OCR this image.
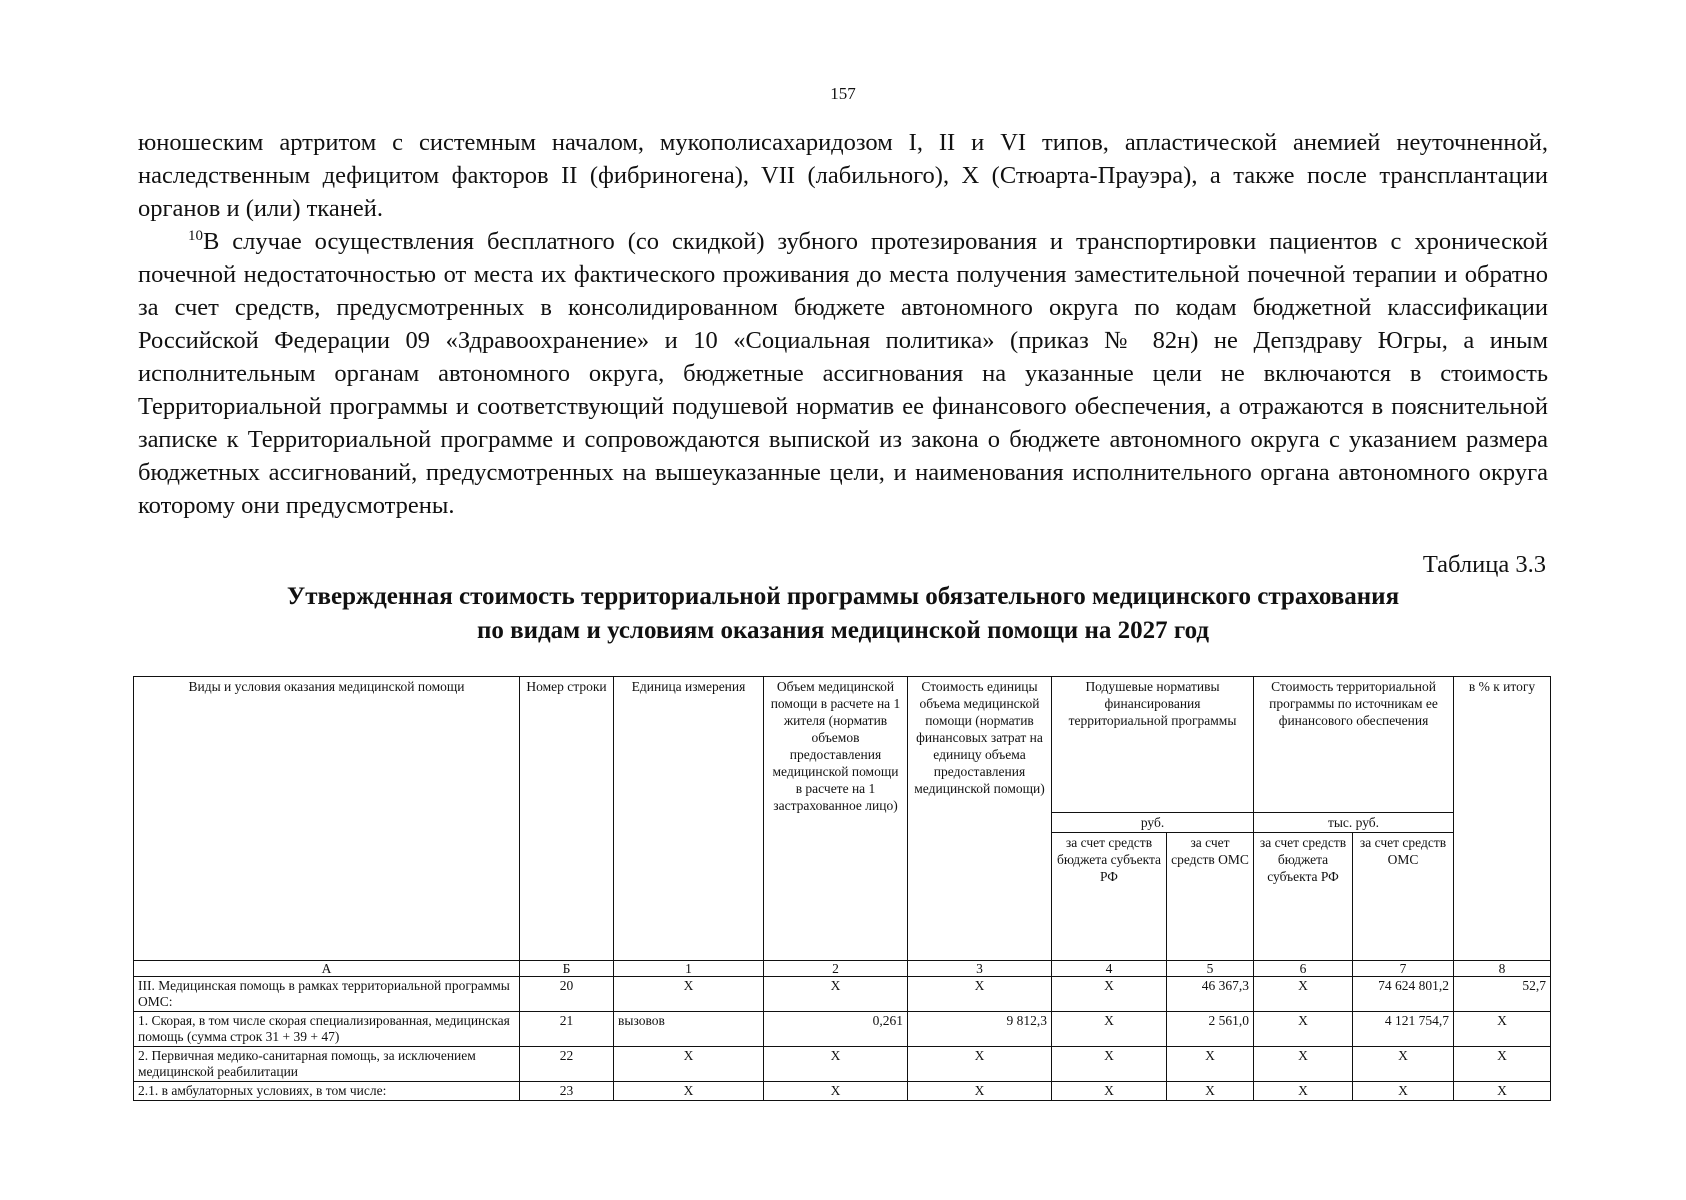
157

юношеским артритом с системным началом, мукополисахаридозом I, II и VI типов, апластической анемией неуточненной, наследственным дефицитом факторов II (фибриногена), VII (лабильного), X (Стюарта-Прауэра), а также после трансплантации органов и (или) тканей.

$^{10}$В случае осуществления бесплатного (со скидкой) зубного протезирования и транспортировки пациентов с хронической почечной недостаточностью от места их фактического проживания до места получения заместительной почечной терапии и обратно за счет средств, предусмотренных в консолидированном бюджете автономного округа по кодам бюджетной классификации Российской Федерации 09 «Здравоохранение» и 10 «Социальная политика» (приказ № 82н) не Депздраву Югры, а иным исполнительным органам автономного округа, бюджетные ассигнования на указанные цели не включаются в стоимость Территориальной программы и соответствующий подушевой норматив ее финансового обеспечения, а отражаются в пояснительной записке к Территориальной программе и сопровождаются выпиской из закона о бюджете автономного округа с указанием размера бюджетных ассигнований, предусмотренных на вышеуказанные цели, и наименования исполнительного органа автономного округа которому они предусмотрены.

Таблица 3.3
Утвержденная стоимость территориальной программы обязательного медицинского страхования
по видам и условиям оказания медицинской помощи на 2027 год
Виды и условия оказания медицинской помощи	Номер строки	Единица измерения	Объем медицинской помощи в расчете на 1 жителя (норматив объемов предоставления медицинской помощи в расчете на 1 застрахованное лицо)	Стоимость единицы объема медицинской помощи (норматив финансовых затрат на единицу объема предоставления медицинской помощи)	Подушевые нормативы финансирования территориальной программы		Стоимость территориальной программы по источникам ее финансового обеспечения		в % к итогу
					руб.		тыс. руб.		
					за счет средств бюджета субъекта РФ	за счет средств ОМС	за счет средств бюджета субъекта РФ	за счет средств ОМС	
А	Б	1	2	3	4	5	6	7	8
III. Медицинская помощь в рамках территориальной программы ОМС:	20	Х	Х	Х	Х	46 367,3	Х	74 624 801,2	52,7
1. Скорая, в том числе скорая специализированная, медицинская помощь (сумма строк 31 + 39 + 47)	21	вызовов	0,261	9 812,3	Х	2 561,0	Х	4 121 754,7	Х
2. Первичная медико-санитарная помощь, за исключением медицинской реабилитации	22	Х	Х	Х	Х	Х	Х	Х	Х
2.1. в амбулаторных условиях, в том числе:	23	Х	Х	Х	Х	Х	Х	Х	Х
